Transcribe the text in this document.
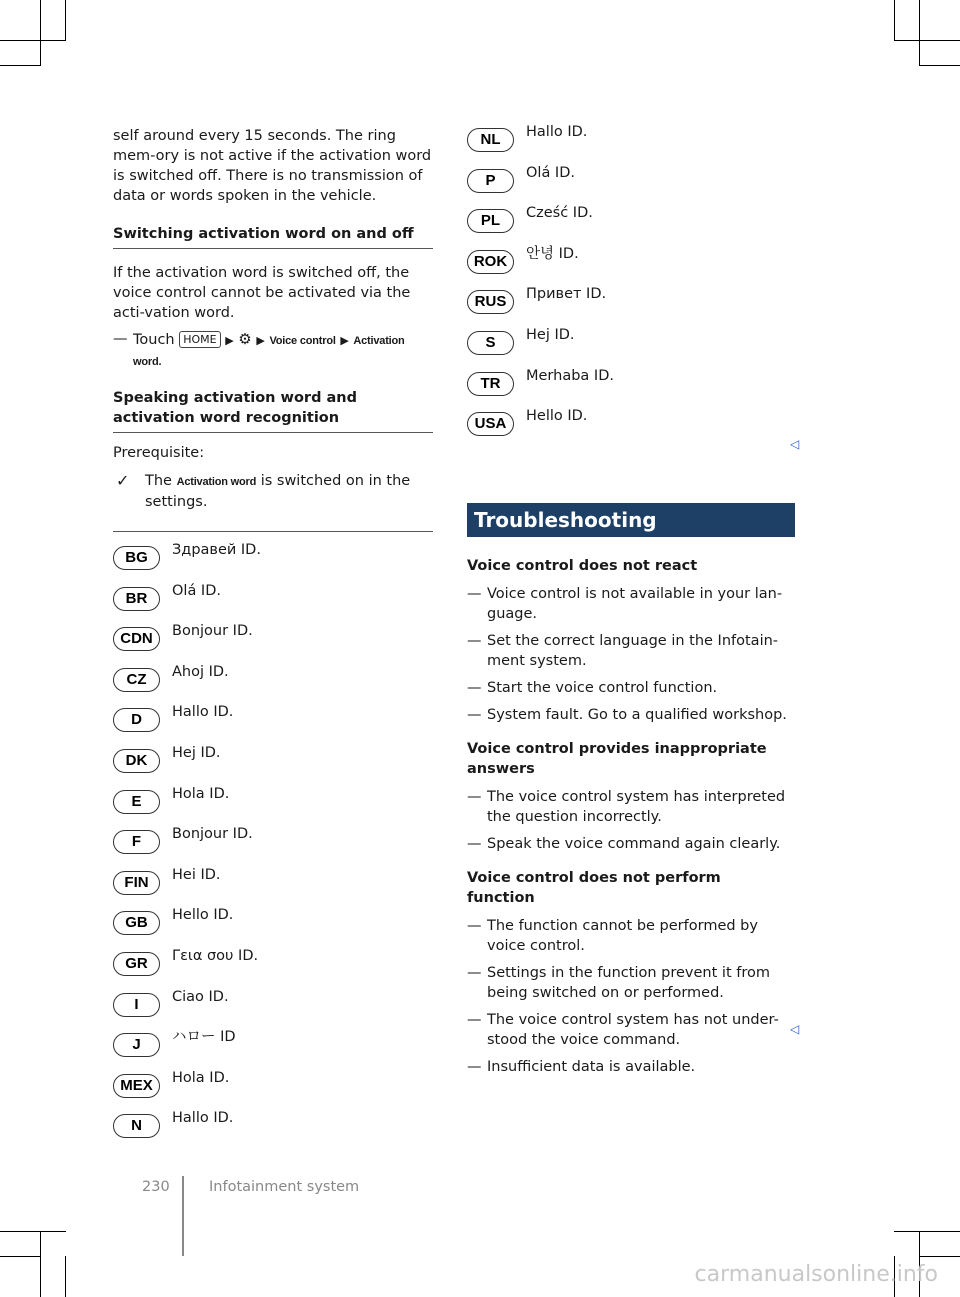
self around every 15 seconds. The ring mem-ory is not active if the activation word is switched off. There is no transmission of data or words spoken in the vehicle.

Switching activation word on and off

If the activation word is switched off, the voice control cannot be activated via the acti-vation word.

— Touch HOME ▶ ⚙ ▶ Voice control ▶ Activation
word.
Speaking activation word and activation word recognition

Prerequisite:

✓ The Activation word is switched on in the settings.
BG	Здравей ID.
BR	Olá ID.
CDN	Bonjour ID.
CZ	Ahoj ID.
D	Hallo ID.
DK	Hej ID.
E	Hola ID.
F	Bonjour ID.
FIN	Hei ID.
GB	Hello ID.
GR	Γεια σου ID.
I	Ciao ID.
J	ハロー ID
MEX	Hola ID.
N	Hallo ID.
NL	Hallo ID.
P	Olá ID.
PL	Cześć ID.
ROK	안녕 ID.
RUS	Привет ID.
S	Hej ID.
TR	Merhaba ID.
USA	Hello ID.
Troubleshooting
Voice control does not react
— Voice control is not available in your lan-guage.
— Set the correct language in the Infotain-ment system.
— Start the voice control function.
— System fault. Go to a qualified workshop.
Voice control provides inappropriate answers
— The voice control system has interpreted the question incorrectly.
— Speak the voice command again clearly.
Voice control does not perform function
— The function cannot be performed by voice control.
— Settings in the function prevent it from being switched on or performed.
— The voice control system has not under-stood the voice command.
— Insufficient data is available.
◁
◁
230	Infotainment system
carmanualsonline.info
